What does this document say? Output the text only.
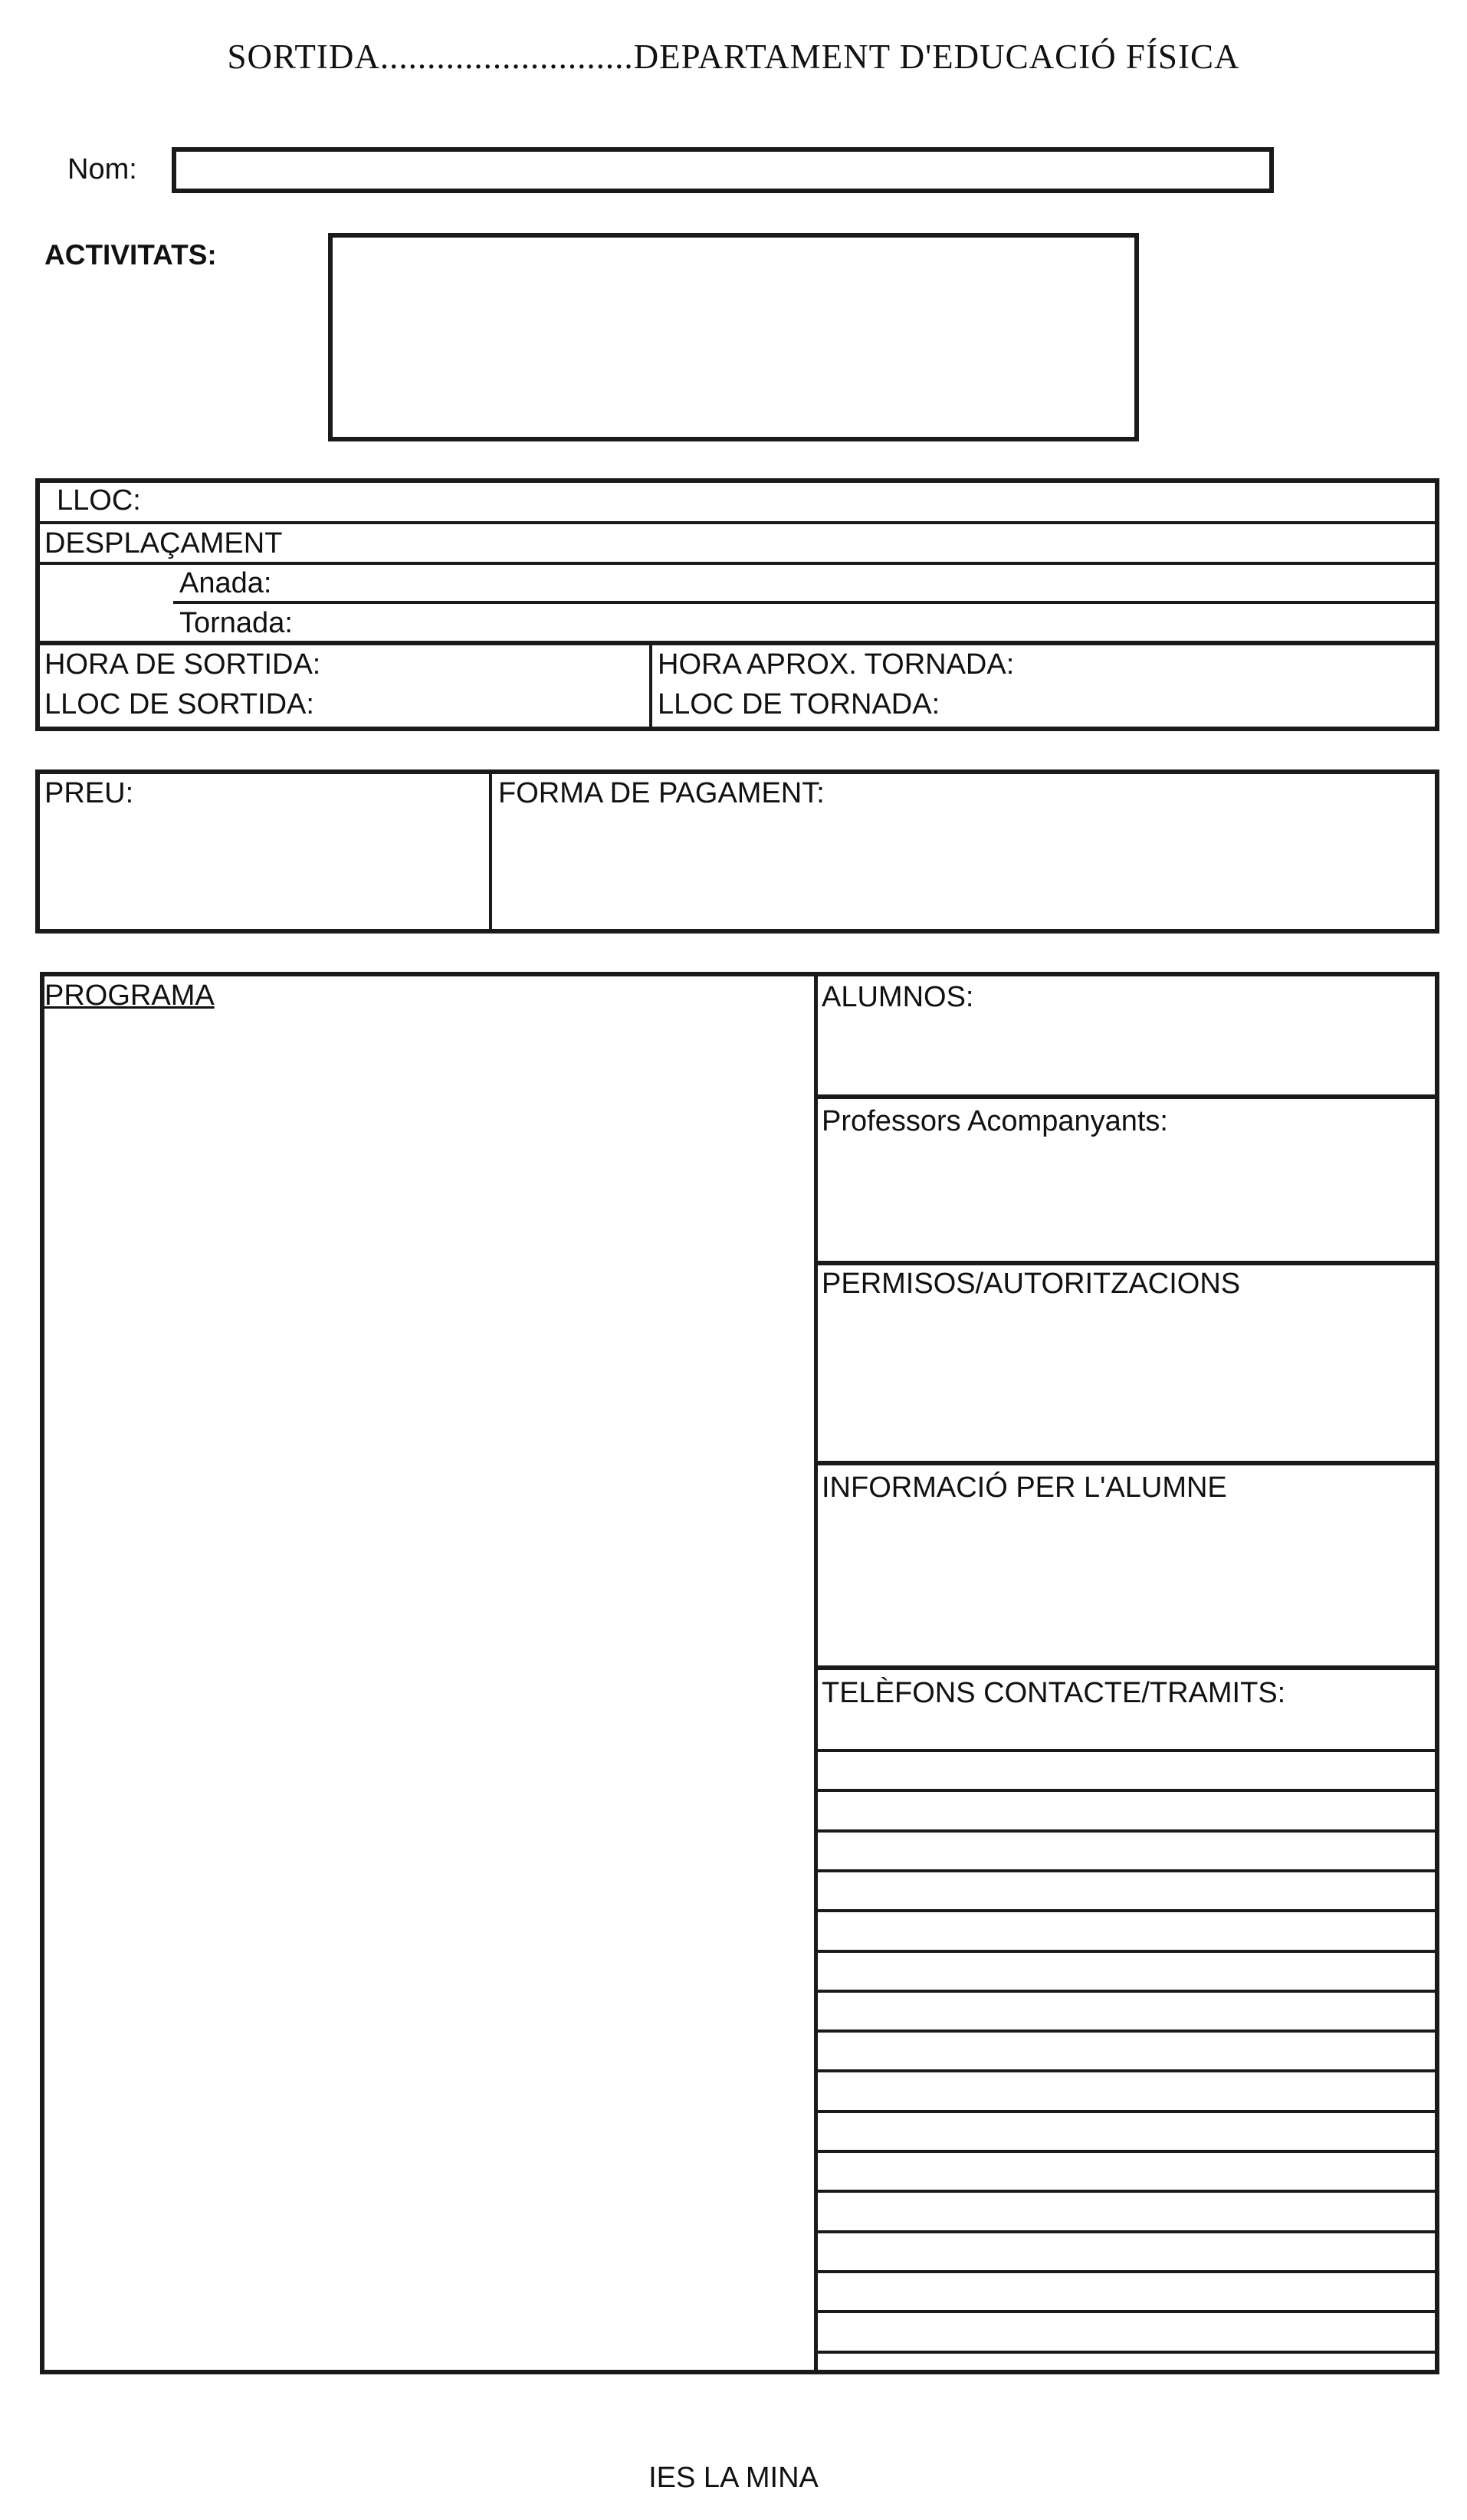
SORTIDA...........................DEPARTAMENT D'EDUCACIÓ FÍSICA
Nom:
ACTIVITATS:
LLOC:
DESPLAÇAMENT
Anada:
Tornada:
HORA DE SORTIDA:
LLOC DE SORTIDA:
HORA APROX. TORNADA:
LLOC DE TORNADA:
PREU:	FORMA DE PAGAMENT:
PROGRAMA	ALUMNOS:
Professors Acompanyants:
PERMISOS/AUTORITZACIONS
INFORMACIÓ PER L'ALUMNE
TELÈFONS CONTACTE/TRAMITS:
IES LA MINA
